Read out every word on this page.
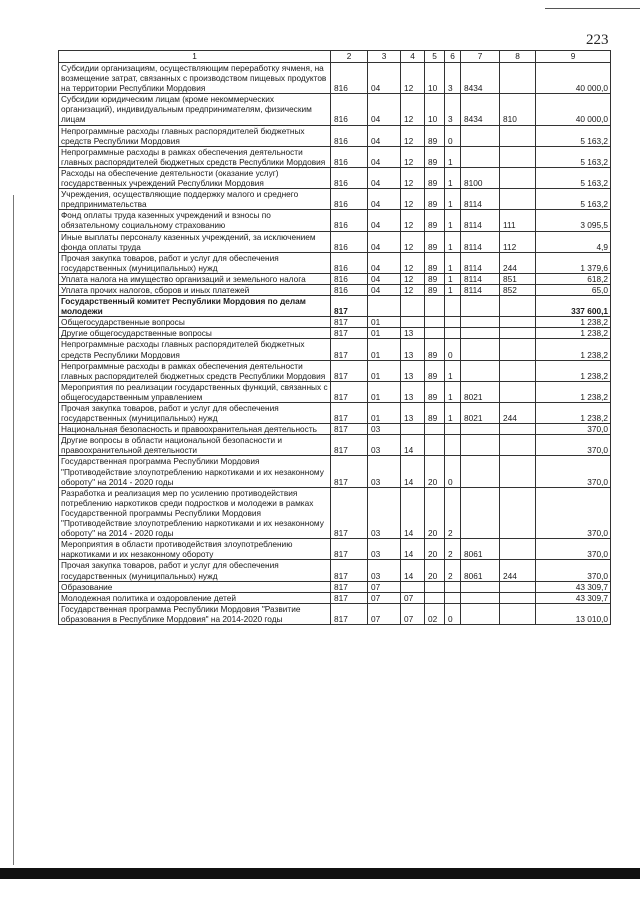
223
1	2	3	4	5	6	7	8	9
Субсидии организациям, осуществляющим переработку ячменя, на возмещение затрат, связанных с производством пищевых продуктов на территории Республики Мордовия	816	04	12	10	3	8434		40 000,0
Субсидии юридическим лицам (кроме некоммерческих организаций), индивидуальным предпринимателям, физическим лицам	816	04	12	10	3	8434	810	40 000,0
Непрограммные расходы главных распорядителей бюджетных средств Республики Мордовия	816	04	12	89	0			5 163,2
Непрограммные расходы в рамках обеспечения деятельности главных распорядителей бюджетных средств Республики Мордовия	816	04	12	89	1			5 163,2
Расходы на обеспечение деятельности (оказание услуг) государственных учреждений Республики Мордовия	816	04	12	89	1	8100		5 163,2
Учреждения, осуществляющие поддержку малого и среднего предпринимательства	816	04	12	89	1	8114		5 163,2
Фонд оплаты труда казенных учреждений и взносы по обязательному социальному страхованию	816	04	12	89	1	8114	111	3 095,5
Иные выплаты персоналу казенных учреждений, за исключением фонда оплаты труда	816	04	12	89	1	8114	112	4,9
Прочая закупка товаров, работ и услуг для обеспечения государственных (муниципальных) нужд	816	04	12	89	1	8114	244	1 379,6
Уплата налога на имущество организаций и земельного налога	816	04	12	89	1	8114	851	618,2
Уплата прочих налогов, сборов и иных платежей	816	04	12	89	1	8114	852	65,0
Государственный комитет Республики Мордовия по делам молодежи	817							337 600,1
Общегосударственные вопросы	817	01						1 238,2
Другие общегосударственные вопросы	817	01	13					1 238,2
Непрограммные расходы главных распорядителей бюджетных средств Республики Мордовия	817	01	13	89	0			1 238,2
Непрограммные расходы в рамках обеспечения деятельности главных распорядителей бюджетных средств Республики Мордовия	817	01	13	89	1			1 238,2
Мероприятия по реализации государственных функций, связанных с общегосударственным управлением	817	01	13	89	1	8021		1 238,2
Прочая закупка товаров, работ и услуг для обеспечения государственных (муниципальных) нужд	817	01	13	89	1	8021	244	1 238,2
Национальная безопасность и правоохранительная деятельность	817	03						370,0
Другие вопросы в области национальной безопасности и правоохранительной деятельности	817	03	14					370,0
Государственная программа Республики Мордовия "Противодействие злоупотреблению наркотиками и их незаконному обороту" на 2014 - 2020 годы	817	03	14	20	0			370,0
Разработка и реализация мер по усилению противодействия потреблению наркотиков среди подростков и молодежи в рамках Государственной программы Республики Мордовия "Противодействие злоупотреблению наркотиками и их незаконному обороту" на 2014 - 2020 годы	817	03	14	20	2			370,0
Мероприятия в области противодействия злоупотреблению наркотиками и их незаконному обороту	817	03	14	20	2	8061		370,0
Прочая закупка товаров, работ и услуг для обеспечения государственных (муниципальных) нужд	817	03	14	20	2	8061	244	370,0
Образование	817	07						43 309,7
Молодежная политика и оздоровление детей	817	07	07					43 309,7
Государственная программа Республики Мордовия "Развитие образования в Республике Мордовия" на 2014-2020 годы	817	07	07	02	0			13 010,0
